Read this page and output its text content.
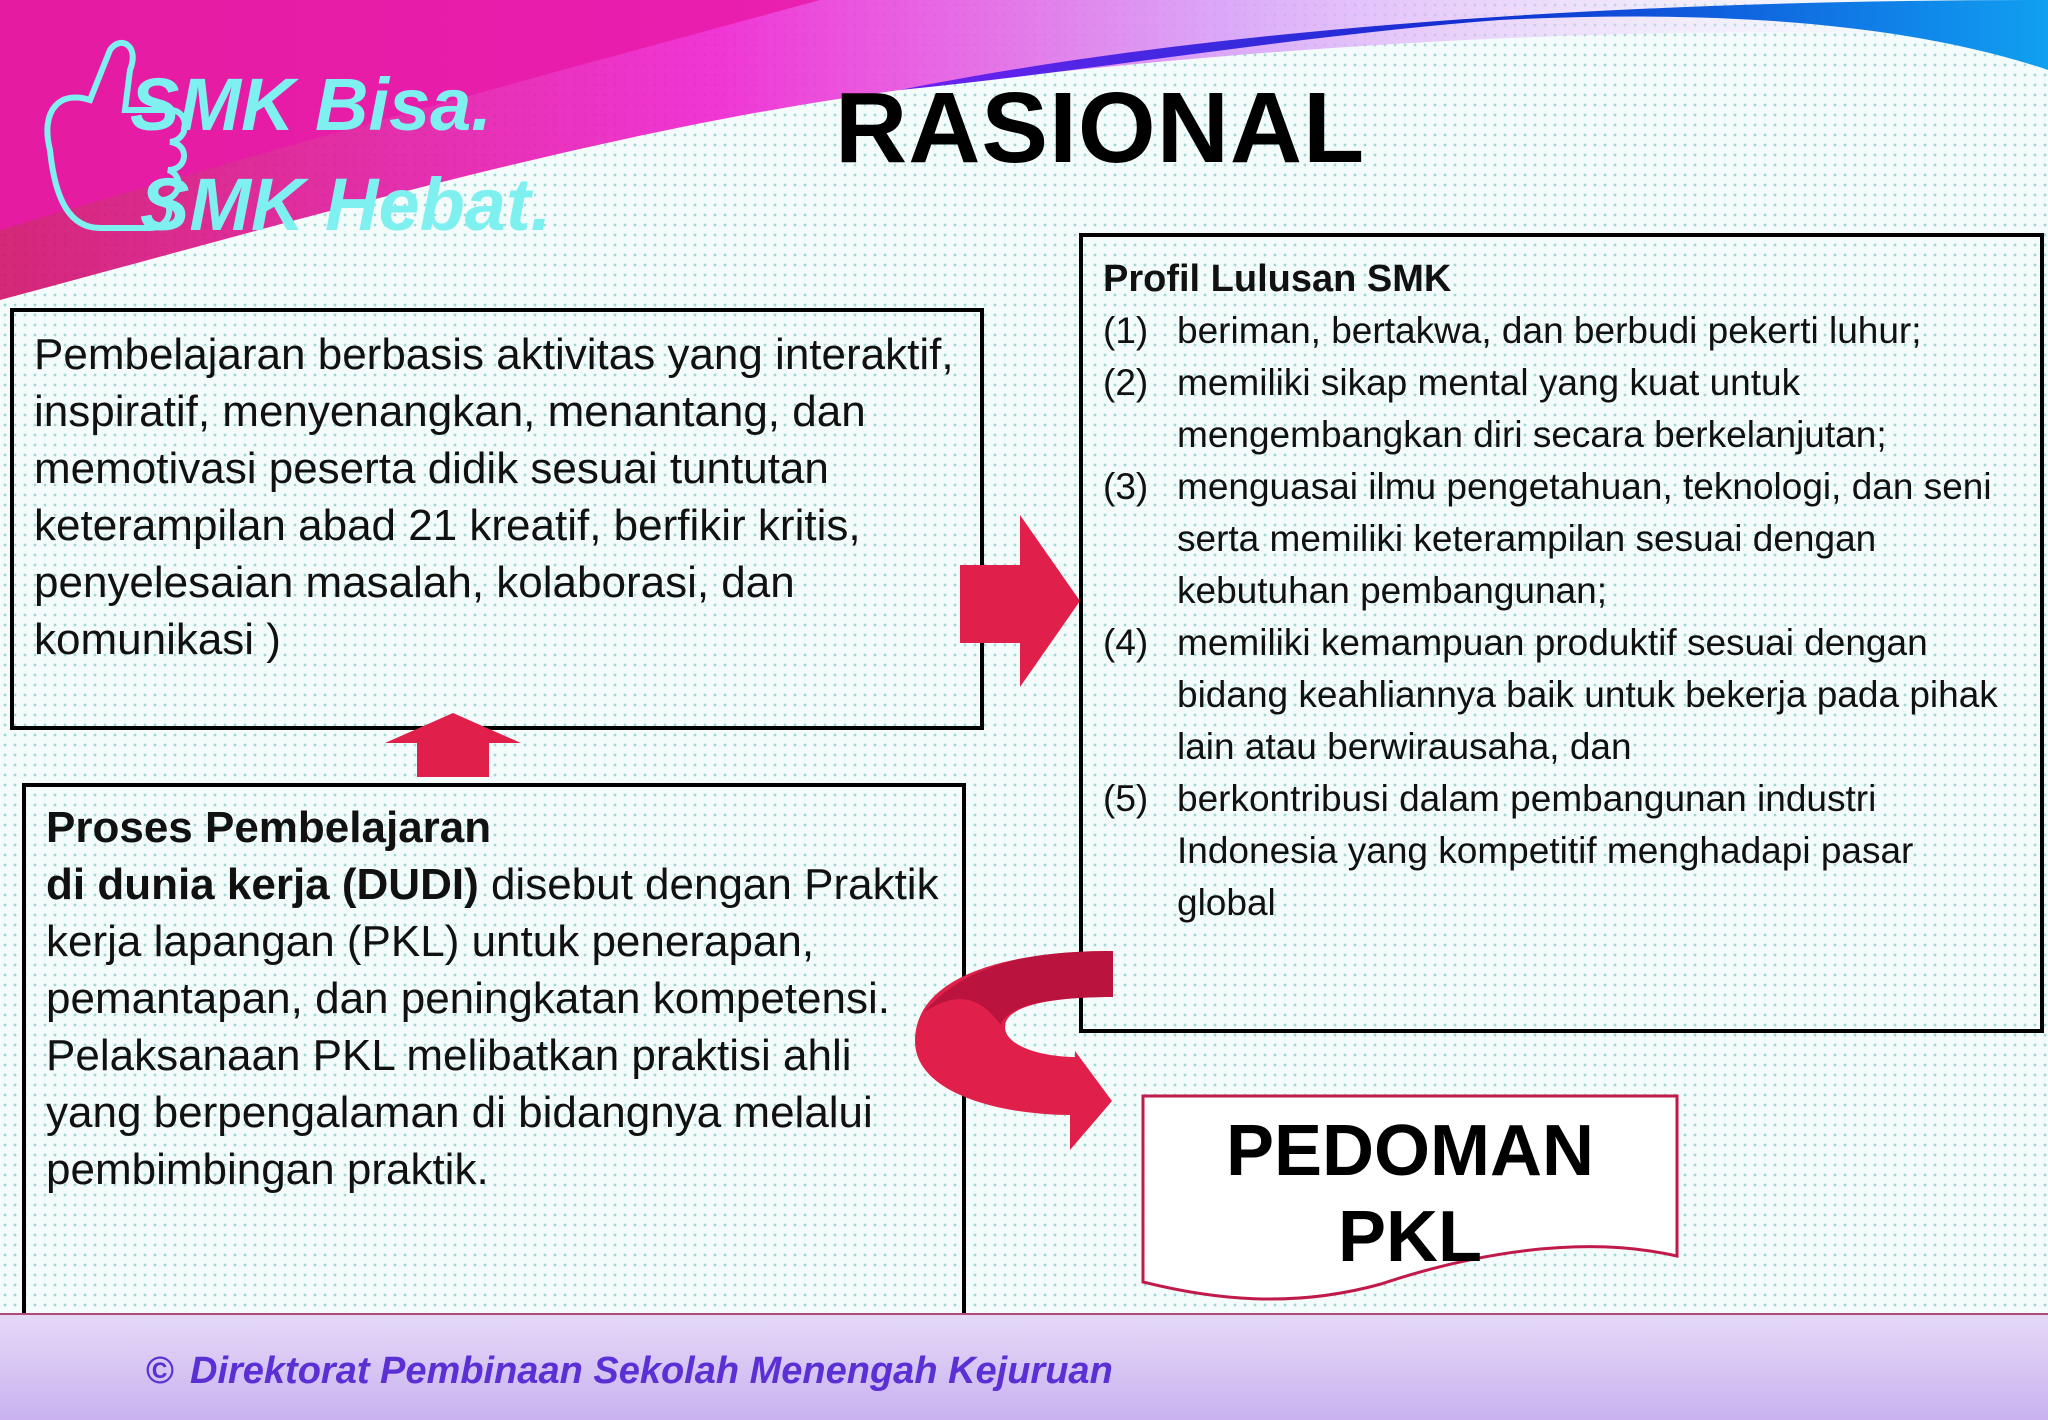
SMK Bisa.
SMK Hebat.
RASIONAL

Pembelajaran berbasis aktivitas yang interaktif, inspiratif, menyenangkan, menantang, dan memotivasi peserta didik sesuai tuntutan keterampilan abad 21 kreatif, berfikir kritis, penyelesaian masalah, kolaborasi, dan komunikasi )

Proses Pembelajaran
di dunia kerja (DUDI) disebut dengan Praktik kerja lapangan (PKL) untuk penerapan, pemantapan, dan peningkatan kompetensi. Pelaksanaan PKL melibatkan praktisi ahli yang berpengalaman di bidangnya melalui pembimbingan praktik.

Profil Lulusan SMK
(1) beriman, bertakwa, dan berbudi pekerti luhur;
(2) memiliki sikap mental yang kuat untuk mengembangkan diri secara berkelanjutan;
(3) menguasai ilmu pengetahuan, teknologi, dan seni serta memiliki keterampilan sesuai dengan kebutuhan pembangunan;
(4) memiliki kemampuan produktif sesuai dengan bidang keahliannya baik untuk bekerja pada pihak lain atau berwirausaha, dan
(5) berkontribusi dalam pembangunan industri Indonesia yang kompetitif menghadapi pasar global
PEDOMAN
PKL
© Direktorat Pembinaan Sekolah Menengah Kejuruan
